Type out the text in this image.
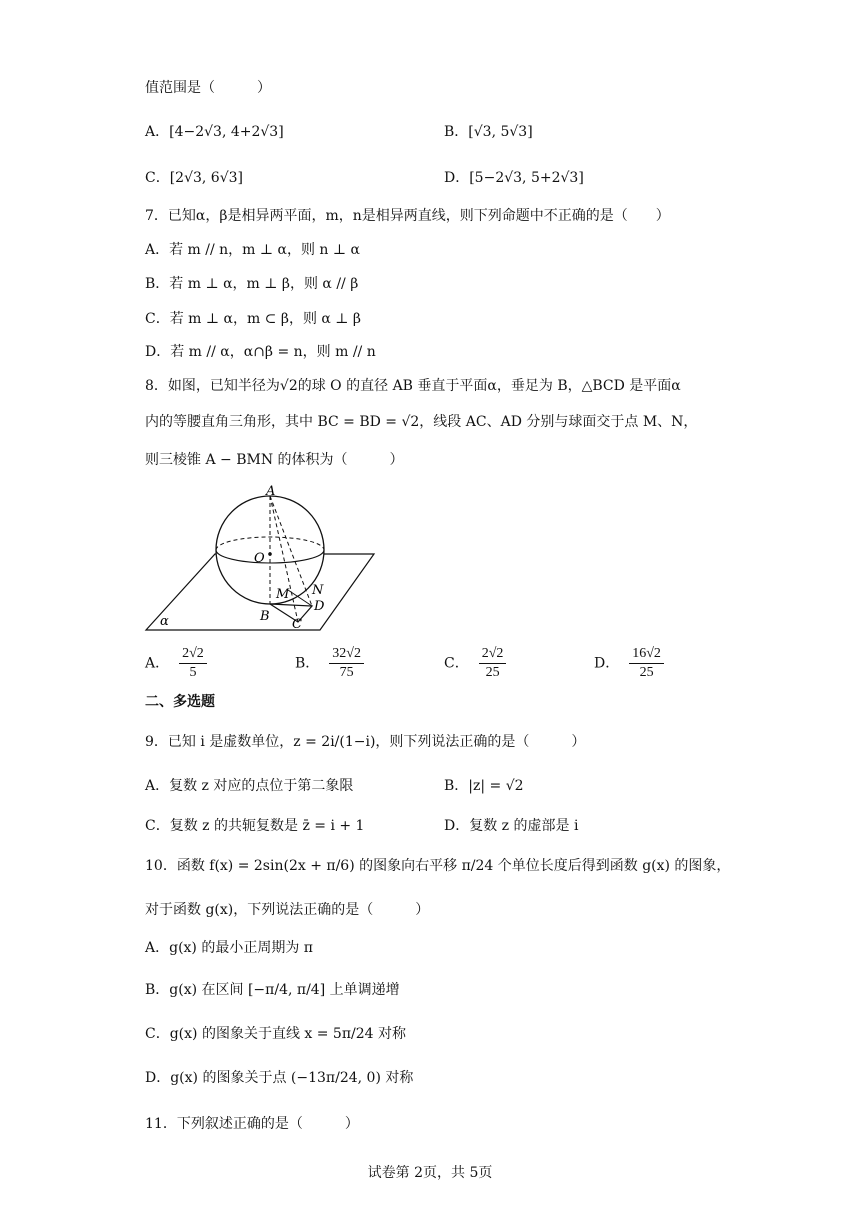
值范围是（　　　）
A．[4−2√3, 4+2√3]	B．[√3, 5√3]
C．[2√3, 6√3]	D．[5−2√3, 5+2√3]
7．已知α，β是相异两平面，m，n是相异两直线，则下列命题中不正确的是（　　）
A．若 m // n，m ⊥ α，则 n ⊥ α
B．若 m ⊥ α，m ⊥ β，则 α // β
C．若 m ⊥ α，m ⊂ β，则 α ⊥ β
D．若 m // α，α∩β = n，则 m // n
8．如图，已知半径为√2的球 O 的直径 AB 垂直于平面α，垂足为 B，△BCD 是平面α
内的等腰直角三角形，其中 BC = BD = √2，线段 AC、AD 分别与球面交于点 M、N，
则三棱锥 A − BMN 的体积为（　　　）
A
O
M N
D
B
C
α
A． $\frac{2√2}{5}$	B． $\frac{32√2}{75}$	C． $\frac{2√2}{25}$	D． $\frac{16√2}{25}$
二、多选题
9．已知 i 是虚数单位，z = 2i/(1−i)，则下列说法正确的是（　　　）
A．复数 z 对应的点位于第二象限	B．|z| = √2
C．复数 z 的共轭复数是 z̄ = i + 1	D．复数 z 的虚部是 i
10．函数 f(x) = 2sin(2x + π/6) 的图象向右平移 π/24 个单位长度后得到函数 g(x) 的图象，
对于函数 g(x)，下列说法正确的是（　　　）
A．g(x) 的最小正周期为 π
B．g(x) 在区间 [−π/4, π/4] 上单调递增
C．g(x) 的图象关于直线 x = 5π/24 对称
D．g(x) 的图象关于点 (−13π/24, 0) 对称
11．下列叙述正确的是（　　　）
试卷第 2页，共 5页
